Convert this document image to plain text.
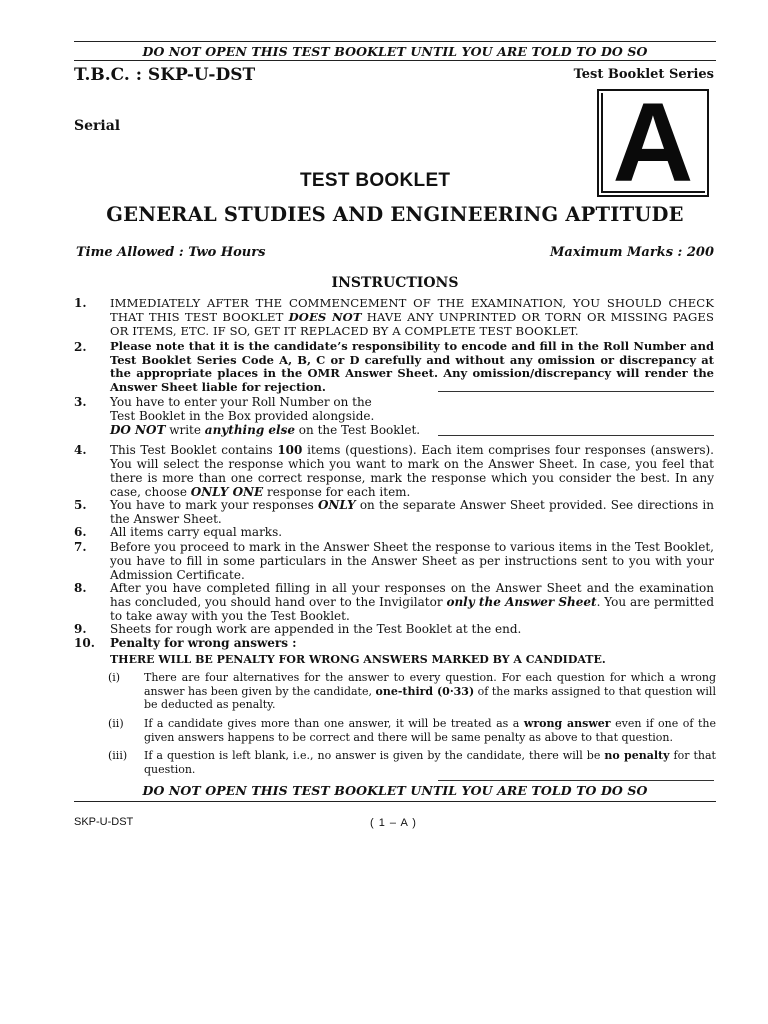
DO NOT OPEN THIS TEST BOOKLET UNTIL YOU ARE TOLD TO DO SO
T.B.C. : SKP-U-DST	Test Booklet Series
Serial	A
TEST BOOKLET
GENERAL STUDIES AND ENGINEERING APTITUDE
Time Allowed : Two Hours	Maximum Marks : 200
INSTRUCTIONS
1.	IMMEDIATELY AFTER THE COMMENCEMENT OF THE EXAMINATION, YOU SHOULD CHECK THAT THIS TEST BOOKLET DOES NOT HAVE ANY UNPRINTED OR TORN OR MISSING PAGES OR ITEMS, ETC. IF SO, GET IT REPLACED BY A COMPLETE TEST BOOKLET.
2.	Please note that it is the candidate’s responsibility to encode and fill in the Roll Number and Test Booklet Series Code A, B, C or D carefully and without any omission or discrepancy at the appropriate places in the OMR Answer Sheet. Any omission/discrepancy will render the Answer Sheet liable for rejection.
3.	You have to enter your Roll Number on the
Test Booklet in the Box provided alongside.
DO NOT write anything else on the Test Booklet.
4.	This Test Booklet contains 100 items (questions). Each item comprises four responses (answers). You will select the response which you want to mark on the Answer Sheet. In case, you feel that there is more than one correct response, mark the response which you consider the best. In any case, choose ONLY ONE response for each item.
5.	You have to mark your responses ONLY on the separate Answer Sheet provided. See directions in the Answer Sheet.
6.	All items carry equal marks.
7.	Before you proceed to mark in the Answer Sheet the response to various items in the Test Booklet, you have to fill in some particulars in the Answer Sheet as per instructions sent to you with your Admission Certificate.
8.	After you have completed filling in all your responses on the Answer Sheet and the examination has concluded, you should hand over to the Invigilator only the Answer Sheet. You are permitted to take away with you the Test Booklet.
9.	Sheets for rough work are appended in the Test Booklet at the end.
10.	Penalty for wrong answers :
THERE WILL BE PENALTY FOR WRONG ANSWERS MARKED BY A CANDIDATE.
(i) There are four alternatives for the answer to every question. For each question for which a wrong answer has been given by the candidate, one-third (0·33) of the marks assigned to that question will be deducted as penalty.
(ii) If a candidate gives more than one answer, it will be treated as a wrong answer even if one of the given answers happens to be correct and there will be same penalty as above to that question.
(iii) If a question is left blank, i.e., no answer is given by the candidate, there will be no penalty for that question.
DO NOT OPEN THIS TEST BOOKLET UNTIL YOU ARE TOLD TO DO SO
SKP-U-DST	( 1 – A )
